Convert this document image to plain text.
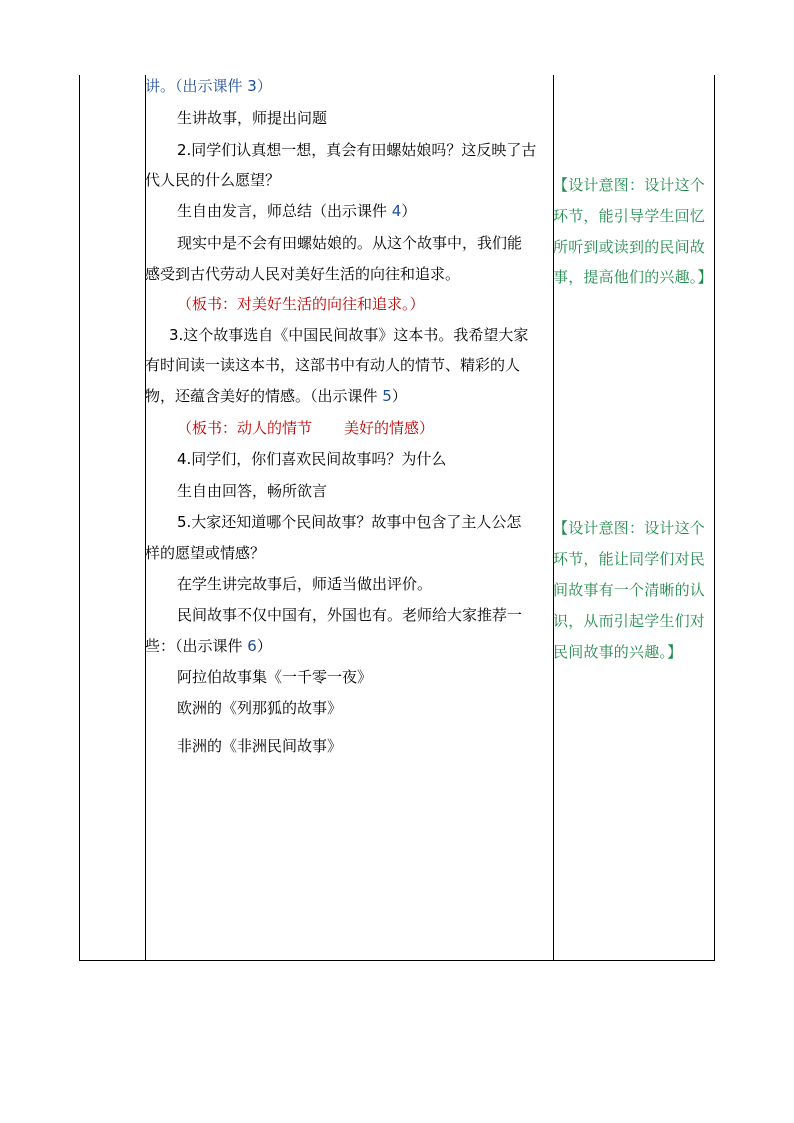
讲。（出示课件 3）
生讲故事，师提出问题
2.同学们认真想一想，真会有田螺姑娘吗？这反映了古
代人民的什么愿望？
生自由发言，师总结（出示课件 4）
现实中是不会有田螺姑娘的。从这个故事中，我们能
感受到古代劳动人民对美好生活的向往和追求。
（板书：对美好生活的向往和追求。）
3.这个故事选自《中国民间故事》这本书。我希望大家
有时间读一读这本书，这部书中有动人的情节、精彩的人
物，还蕴含美好的情感。（出示课件 5）
（板书：动人的情节 美好的情感）
4.同学们，你们喜欢民间故事吗？为什么
生自由回答，畅所欲言
5.大家还知道哪个民间故事？故事中包含了主人公怎
样的愿望或情感？
在学生讲完故事后，师适当做出评价。
民间故事不仅中国有，外国也有。老师给大家推荐一
些：（出示课件 6）
阿拉伯故事集《一千零一夜》
欧洲的《列那狐的故事》
非洲的《非洲民间故事》
【设计意图：设计这个
环节，能引导学生回忆
所听到或读到的民间故
事，提高他们的兴趣。】
【设计意图：设计这个
环节，能让同学们对民
间故事有一个清晰的认
识，从而引起学生们对
民间故事的兴趣。】
